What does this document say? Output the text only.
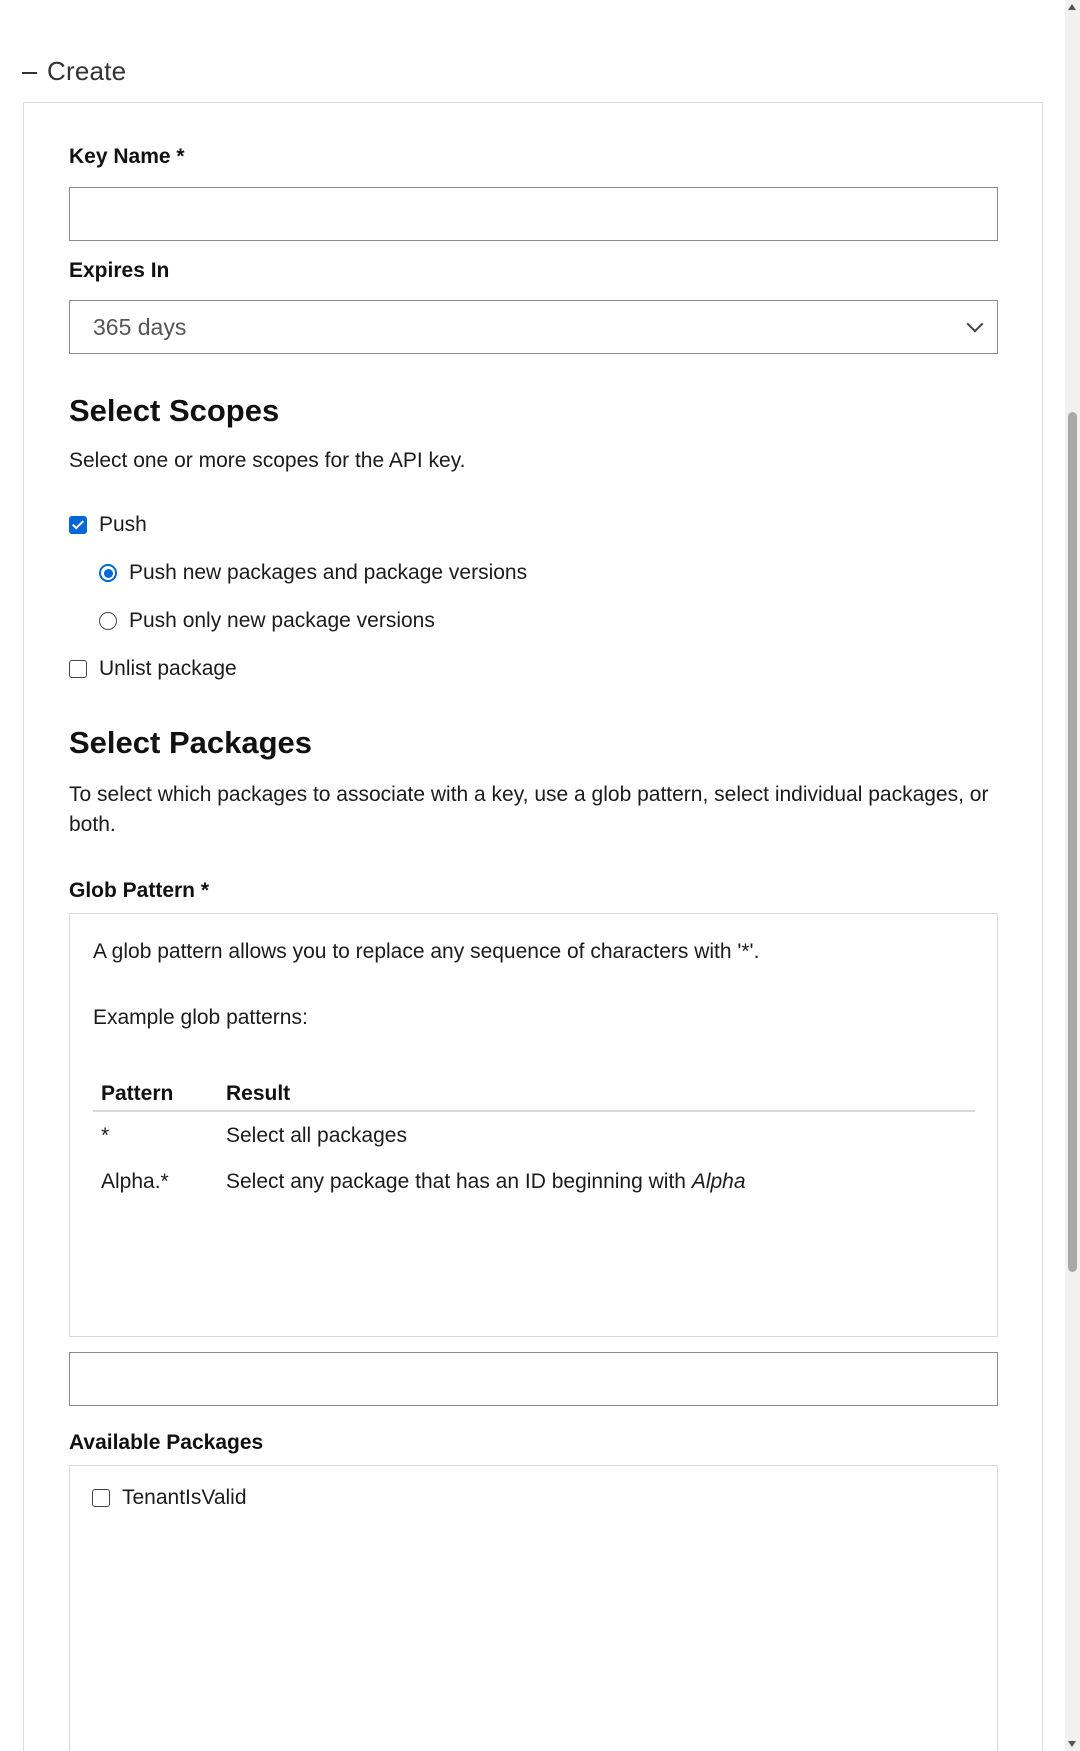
Create
Key Name *
Expires In
365 days
Select Scopes
Select one or more scopes for the API key.
Push
Push new packages and package versions
Push only new package versions
Unlist package
Select Packages
To select which packages to associate with a key, use a glob pattern, select individual packages, or both.
Glob Pattern *
A glob pattern allows you to replace any sequence of characters with '*'.
Example glob patterns:
Pattern	Result
*	Select all packages
Alpha.*	Select any package that has an ID beginning with Alpha
Available Packages
TenantIsValid
